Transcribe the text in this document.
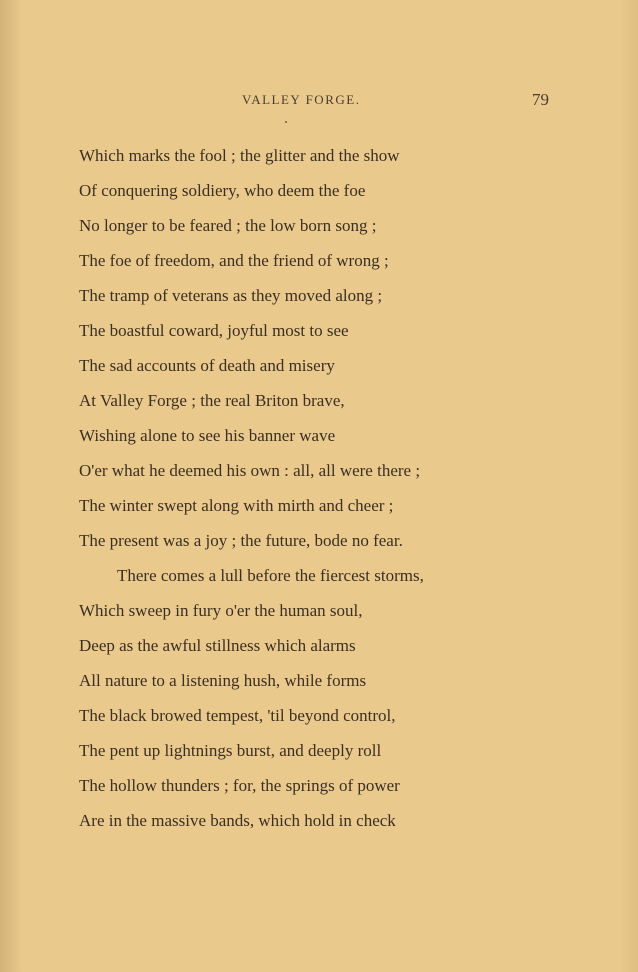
VALLEY FORGE.	79
Which marks the fool ; the glitter and the show
Of conquering soldiery, who deem the foe
No longer to be feared ; the low born song ;
The foe of freedom, and the friend of wrong ;
The tramp of veterans as they moved along ;
The boastful coward, joyful most to see
The sad accounts of death and misery
At Valley Forge ; the real Briton brave,
Wishing alone to see his banner wave
O'er what he deemed his own : all, all were there ;
The winter swept along with mirth and cheer ;
The present was a joy ; the future, bode no fear.
There comes a lull before the fiercest storms,
Which sweep in fury o'er the human soul,
Deep as the awful stillness which alarms
All nature to a listening hush, while forms
The black browed tempest, 'til beyond control,
The pent up lightnings burst, and deeply roll
The hollow thunders ; for, the springs of power
Are in the massive bands, which hold in check
